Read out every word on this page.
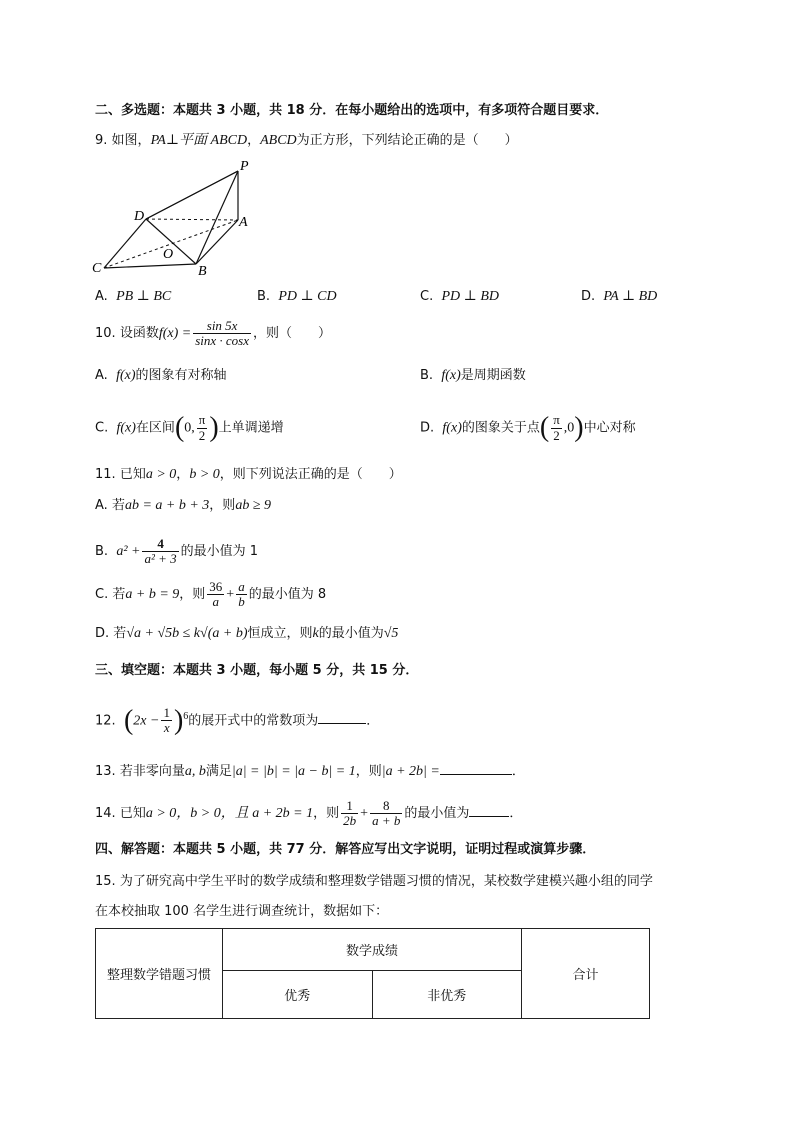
二、多选题：本题共 3 小题，共 18 分．在每小题给出的选项中，有多项符合题目要求．
9. 如图，PA⊥平面 ABCD，ABCD为正方形，下列结论正确的是（　　）
P
D	A
O
C	B
A. PB ⊥ BC	B. PD ⊥ CD	C. PD ⊥ BD	D. PA ⊥ BD
10. 设函数$f(x) = \frac{\sin 5x}{\sin x \cdot \cos x}$ ，则（　　）
A. f(x)的图象有对称轴	B. f(x)是周期函数
C. f(x)在区间(0, $\frac{\pi}{2}$ )上单调递增	D. f(x)的图象关于点( $\frac{\pi}{2} ,0$)中心对称
11. 已知a > 0，b > 0，则下列说法正确的是（　　）
A. 若ab = a + b + 3，则ab ≥ 9
B. $a^2 + \frac{4}{\text{a² + 3}}$ 的最小值为 1
C. 若a + b = 9，则 $\frac{36}{a} + \frac{a}{b}$ 的最小值为 8
D. 若√a + √5b ≤ k√(a + b)恒成立，则k的最小值为√5
三、填空题：本题共 3 小题，每小题 5 分，共 15 分．
12. $(2x - \frac{1}{x} )^6$的展开式中的常数项为	．
13. 若非零向量a, b满足|a| = |b| = |a − b| = 1，则|a + 2b| =	．
14. 已知a > 0，b > 0，且 a + 2b = 1，则 $\frac{1}{2b} + \frac{8}{a + b}$ 的最小值为	．
四、解答题：本题共 5 小题，共 77 分．解答应写出文字说明，证明过程或演算步骤．
15. 为了研究高中学生平时的数学成绩和整理数学错题习惯的情况，某校数学建模兴趣小组的同学
在本校抽取 100 名学生进行调查统计，数据如下：
整理数学错题习惯	数学成绩		合计
	优秀	非优秀	
